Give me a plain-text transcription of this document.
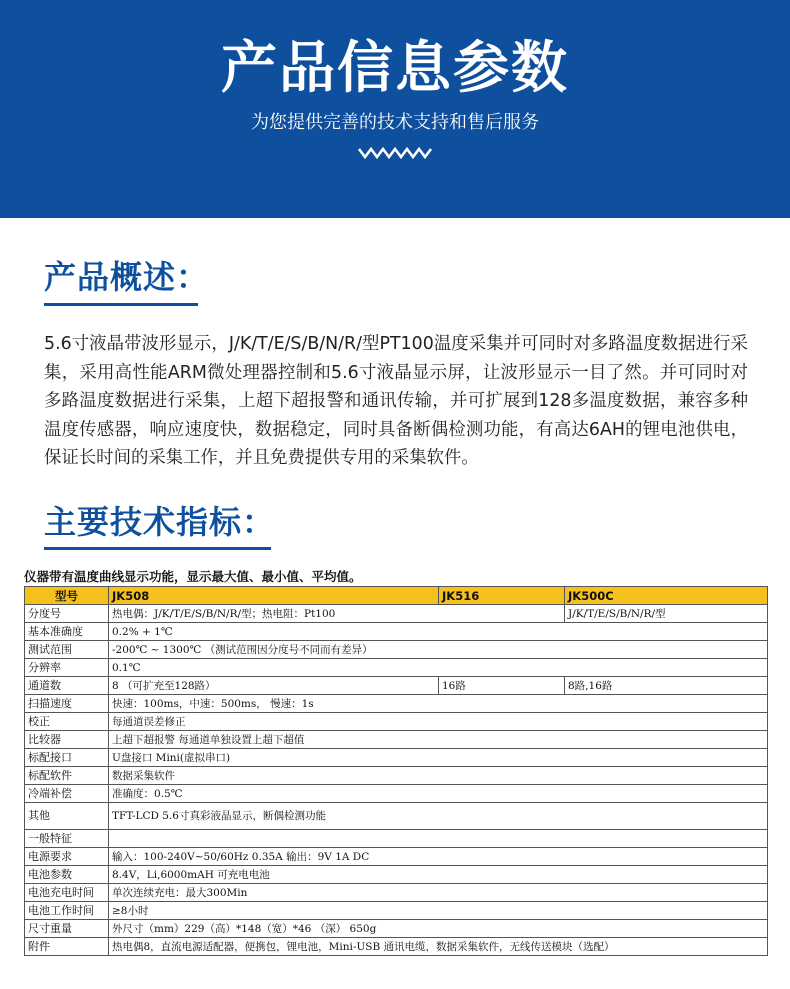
产品信息参数
为您提供完善的技术支持和售后服务
产品概述：
5.6寸液晶带波形显示，J/K/T/E/S/B/N/R/型PT100温度采集并可同时对多路温度数据进行采集，采用高性能ARM微处理器控制和5.6寸液晶显示屏，让波形显示一目了然。并可同时对多路温度数据进行采集，上超下超报警和通讯传输，并可扩展到128多温度数据，兼容多种温度传感器，响应速度快，数据稳定，同时具备断偶检测功能，有高达6AH的锂电池供电，保证长时间的采集工作，并且免费提供专用的采集软件。
主要技术指标：
仪器带有温度曲线显示功能，显示最大值、最小值、平均值。
型号	JK508	JK516	JK500C
分度号	热电偶：J/K/T/E/S/B/N/R/型；热电阻：Pt100		J/K/T/E/S/B/N/R/型
基本准确度	0.2% + 1℃		
测试范围	-200℃ ~ 1300℃ （测试范围因分度号不同而有差异）		
分辨率	0.1℃		
通道数	8 （可扩充至128路）	16路	8路,16路
扫描速度	快速：100ms，中速：500ms， 慢速：1s		
校正	每通道误差修正		
比较器	上超下超报警 每通道单独设置上超下超值		
标配接口	U盘接口 Mini(虚拟串口)		
标配软件	数据采集软件		
冷端补偿	准确度：0.5℃		
其他	TFT-LCD 5.6寸真彩液晶显示，断偶检测功能		
一般特征			
电源要求	输入：100-240V~50/60Hz 0.35A 输出：9V 1A DC		
电池参数	8.4V，Li,6000mAH 可充电电池		
电池充电时间	单次连续充电：最大300Min		
电池工作时间	≥8小时		
尺寸重量	外尺寸（mm）229（高）*148（宽）*46 （深） 650g		
附件	热电偶8，直流电源适配器，便携包，锂电池，Mini-USB 通讯电缆，数据采集软件，无线传送模块（选配）		
